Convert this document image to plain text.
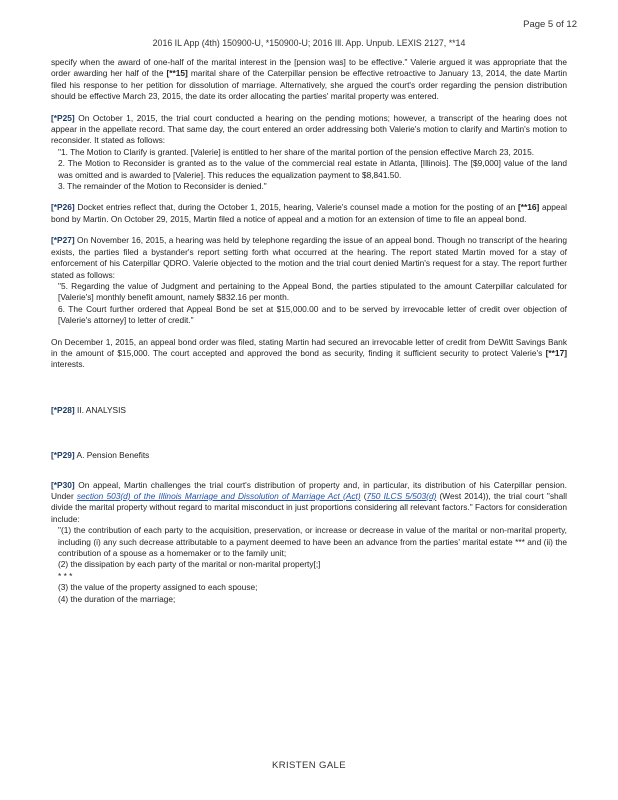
Page 5 of 12
2016 IL App (4th) 150900-U, *150900-U; 2016 Ill. App. Unpub. LEXIS 2127, **14

specify when the award of one-half of the marital interest in the [pension was] to be effective." Valerie argued it was appropriate that the order awarding her half of the [**15] marital share of the Caterpillar pension be effective retroactive to January 13, 2014, the date Martin filed his response to her petition for dissolution of marriage. Alternatively, she argued the court's order regarding the pension distribution should be effective March 23, 2015, the date its order allocating the parties' marital property was entered.

[*P25] On October 1, 2015, the trial court conducted a hearing on the pending motions; however, a transcript of the hearing does not appear in the appellate record. That same day, the court entered an order addressing both Valerie's motion to clarify and Martin's motion to reconsider. It stated as follows:

"1. The Motion to Clarify is granted. [Valerie] is entitled to her share of the marital portion of the pension effective March 23, 2015.

2. The Motion to Reconsider is granted as to the value of the commercial real estate in Atlanta, [Illinois]. The [$9,000] value of the land was omitted and is awarded to [Valerie]. This reduces the equalization payment to $8,841.50.

3. The remainder of the Motion to Reconsider is denied."

[*P26] Docket entries reflect that, during the October 1, 2015, hearing, Valerie's counsel made a motion for the posting of an [**16] appeal bond by Martin. On October 29, 2015, Martin filed a notice of appeal and a motion for an extension of time to file an appeal bond.

[*P27] On November 16, 2015, a hearing was held by telephone regarding the issue of an appeal bond. Though no transcript of the hearing exists, the parties filed a bystander's report setting forth what occurred at the hearing. The report stated Martin moved for a stay of enforcement of his Caterpillar QDRO. Valerie objected to the motion and the trial court denied Martin's request for a stay. The report further stated as follows:

"5. Regarding the value of Judgment and pertaining to the Appeal Bond, the parties stipulated to the amount Caterpillar calculated for [Valerie's] monthly benefit amount, namely $832.16 per month.

6. The Court further ordered that Appeal Bond be set at $15,000.00 and to be served by irrevocable letter of credit over objection of [Valerie's attorney] to letter of credit."

On December 1, 2015, an appeal bond order was filed, stating Martin had secured an irrevocable letter of credit from DeWitt Savings Bank in the amount of $15,000. The court accepted and approved the bond as security, finding it sufficient security to protect Valerie's [**17] interests.

[*P28] II. ANALYSIS

[*P29] A. Pension Benefits

[*P30] On appeal, Martin challenges the trial court's distribution of property and, in particular, its distribution of his Caterpillar pension. Under section 503(d) of the Illinois Marriage and Dissolution of Marriage Act (Act) (750 ILCS 5/503(d) (West 2014)), the trial court "shall divide the marital property without regard to marital misconduct in just proportions considering all relevant factors." Factors for consideration include:

"(1) the contribution of each party to the acquisition, preservation, or increase or decrease in value of the marital or non-marital property, including (i) any such decrease attributable to a payment deemed to have been an advance from the parties' marital estate *** and (ii) the contribution of a spouse as a homemaker or to the family unit;

(2) the dissipation by each party of the marital or non-marital property[;]

* * *

(3) the value of the property assigned to each spouse;

(4) the duration of the marriage;

KRISTEN GALE
